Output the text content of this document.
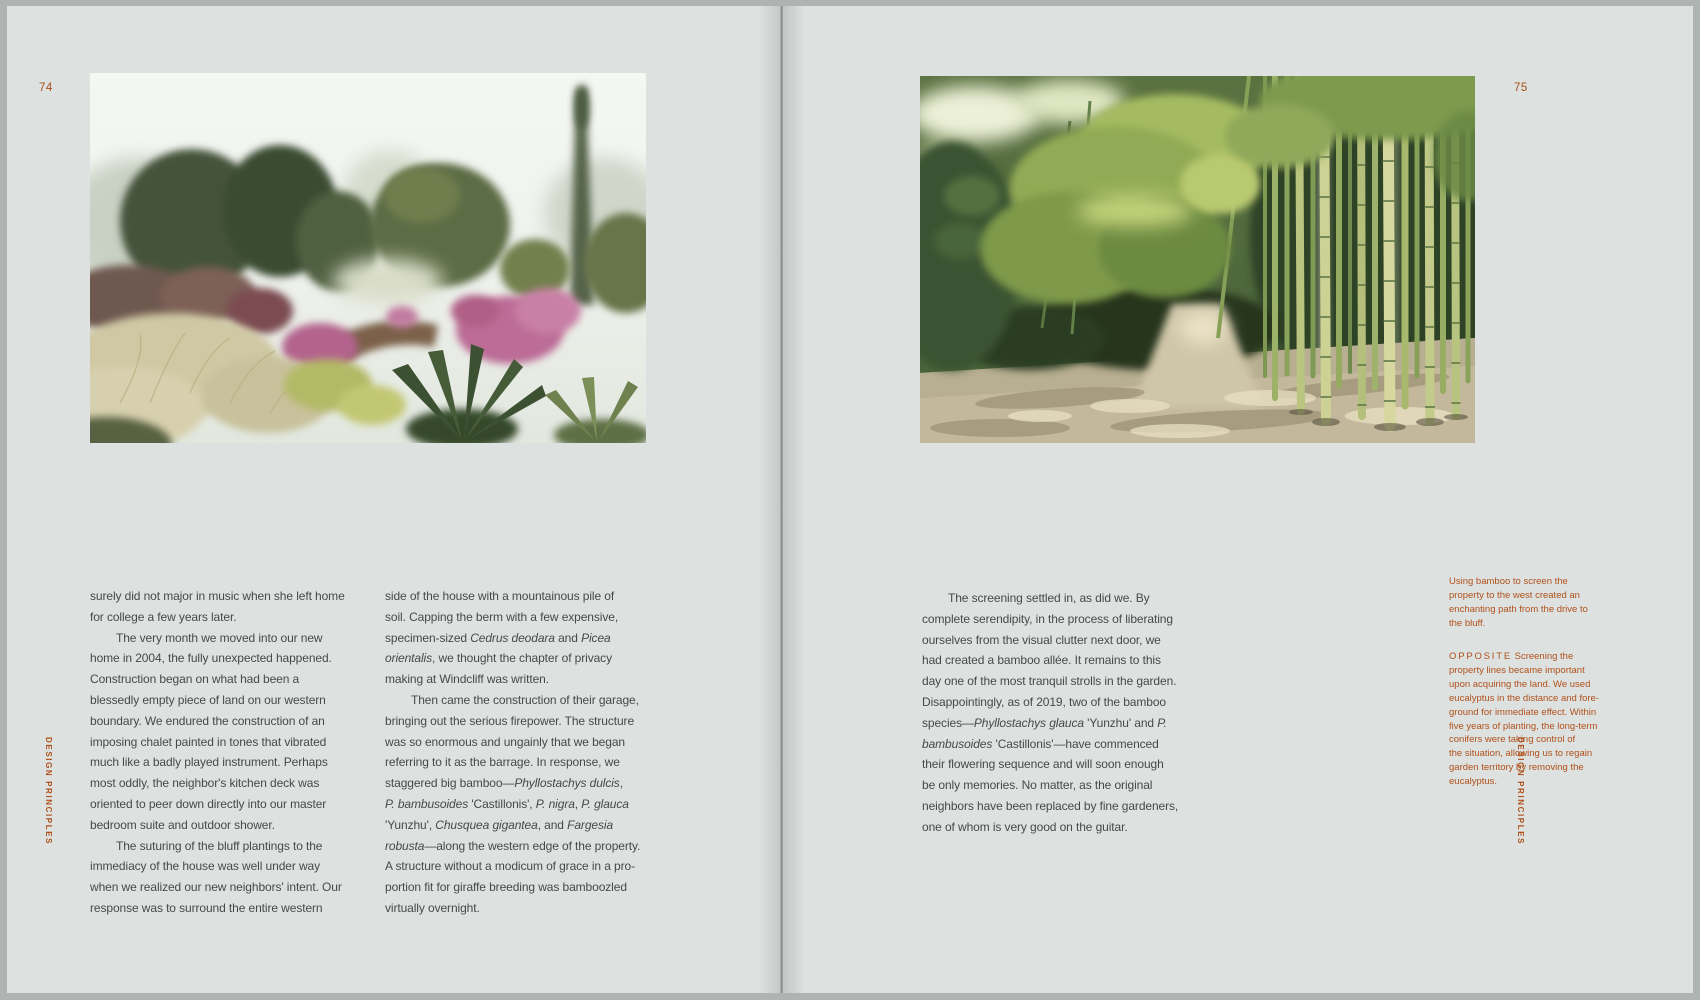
74	75
DESIGN PRINCIPLES	DESIGN PRINCIPLES
surely did not major in music when she left home
for college a few years later.
The very month we moved into our new
home in 2004, the fully unexpected happened.
Construction began on what had been a
blessedly empty piece of land on our western
boundary. We endured the construction of an
imposing chalet painted in tones that vibrated
much like a badly played instrument. Perhaps
most oddly, the neighbor's kitchen deck was
oriented to peer down directly into our master
bedroom suite and outdoor shower.
The suturing of the bluff plantings to the
immediacy of the house was well under way
when we realized our new neighbors' intent. Our
response was to surround the entire western
side of the house with a mountainous pile of
soil. Capping the berm with a few expensive,
specimen-sized Cedrus deodara and Picea
orientalis, we thought the chapter of privacy
making at Windcliff was written.
Then came the construction of their garage,
bringing out the serious firepower. The structure
was so enormous and ungainly that we began
referring to it as the barrage. In response, we
staggered big bamboo—Phyllostachys dulcis,
P. bambusoides 'Castillonis', P. nigra, P. glauca
'Yunzhu', Chusquea gigantea, and Fargesia
robusta—along the western edge of the property.
A structure without a modicum of grace in a pro-
portion fit for giraffe breeding was bamboozled
virtually overnight.
The screening settled in, as did we. By
complete serendipity, in the process of liberating
ourselves from the visual clutter next door, we
had created a bamboo allée. It remains to this
day one of the most tranquil strolls in the garden.
Disappointingly, as of 2019, two of the bamboo
species—Phyllostachys glauca 'Yunzhu' and P.
bambusoides 'Castillonis'—have commenced
their flowering sequence and will soon enough
be only memories. No matter, as the original
neighbors have been replaced by fine gardeners,
one of whom is very good on the guitar.
Using bamboo to screen the
property to the west created an
enchanting path from the drive to
the bluff.
OPPOSITE Screening the
property lines became important
upon acquiring the land. We used
eucalyptus in the distance and fore-
ground for immediate effect. Within
five years of planting, the long-term
conifers were taking control of
the situation, allowing us to regain
garden territory by removing the
eucalyptus.
